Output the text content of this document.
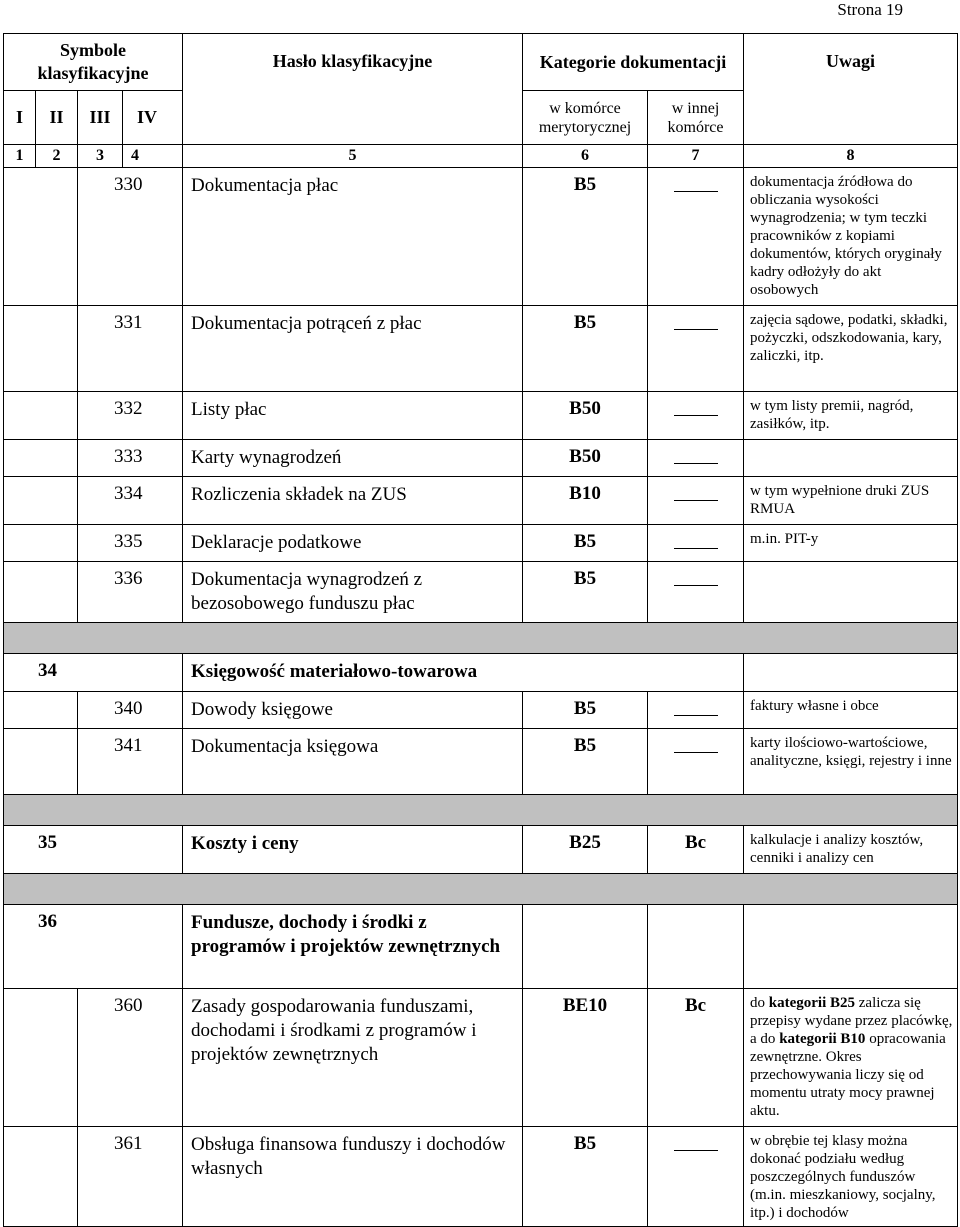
Strona 19
Symbole klasyfikacyjne				Hasło klasyfikacyjne	Kategorie dokumentacji		Uwagi
I	II	III	IV		w komórce merytorycznej	w innej komórce	
1	2	3	4	5	6	7	8
		330		Dokumentacja płac	B5		dokumentacja źródłowa do obliczania wysokości wynagrodzenia; w tym teczki pracowników z kopiami dokumentów, których oryginały kadry odłożyły do akt osobowych
		331		Dokumentacja potrąceń z płac	B5		zajęcia sądowe, podatki, składki, pożyczki, odszkodowania, kary, zaliczki, itp.
		332		Listy płac	B50		w tym listy premii, nagród, zasiłków, itp.
		333		Karty wynagrodzeń	B50		
		334		Rozliczenia składek na ZUS	B10		w tym wypełnione druki ZUS RMUA
		335		Deklaracje podatkowe	B5		m.in. PIT-y
		336		Dokumentacja wynagrodzeń z bezosobowego funduszu płac	B5		

34				Księgowość materiałowo-towarowa			
		340		Dowody księgowe	B5		faktury własne i obce
		341		Dokumentacja księgowa	B5		karty ilościowo-wartościowe, analityczne, księgi, rejestry i inne

35				Koszty i ceny	B25	Bc	kalkulacje i analizy kosztów, cenniki i analizy cen

36				Fundusze, dochody i środki z programów i projektów zewnętrznych			
		360		Zasady gospodarowania funduszami, dochodami i środkami z programów i projektów zewnętrznych	BE10	Bc	do kategorii B25 zalicza się przepisy wydane przez placówkę, a do kategorii B10 opracowania zewnętrzne. Okres przechowywania liczy się od momentu utraty mocy prawnej aktu.
		361		Obsługa finansowa funduszy i dochodów własnych	B5		w obrębie tej klasy można dokonać podziału według poszczególnych funduszów (m.in. mieszkaniowy, socjalny, itp.) i dochodów
